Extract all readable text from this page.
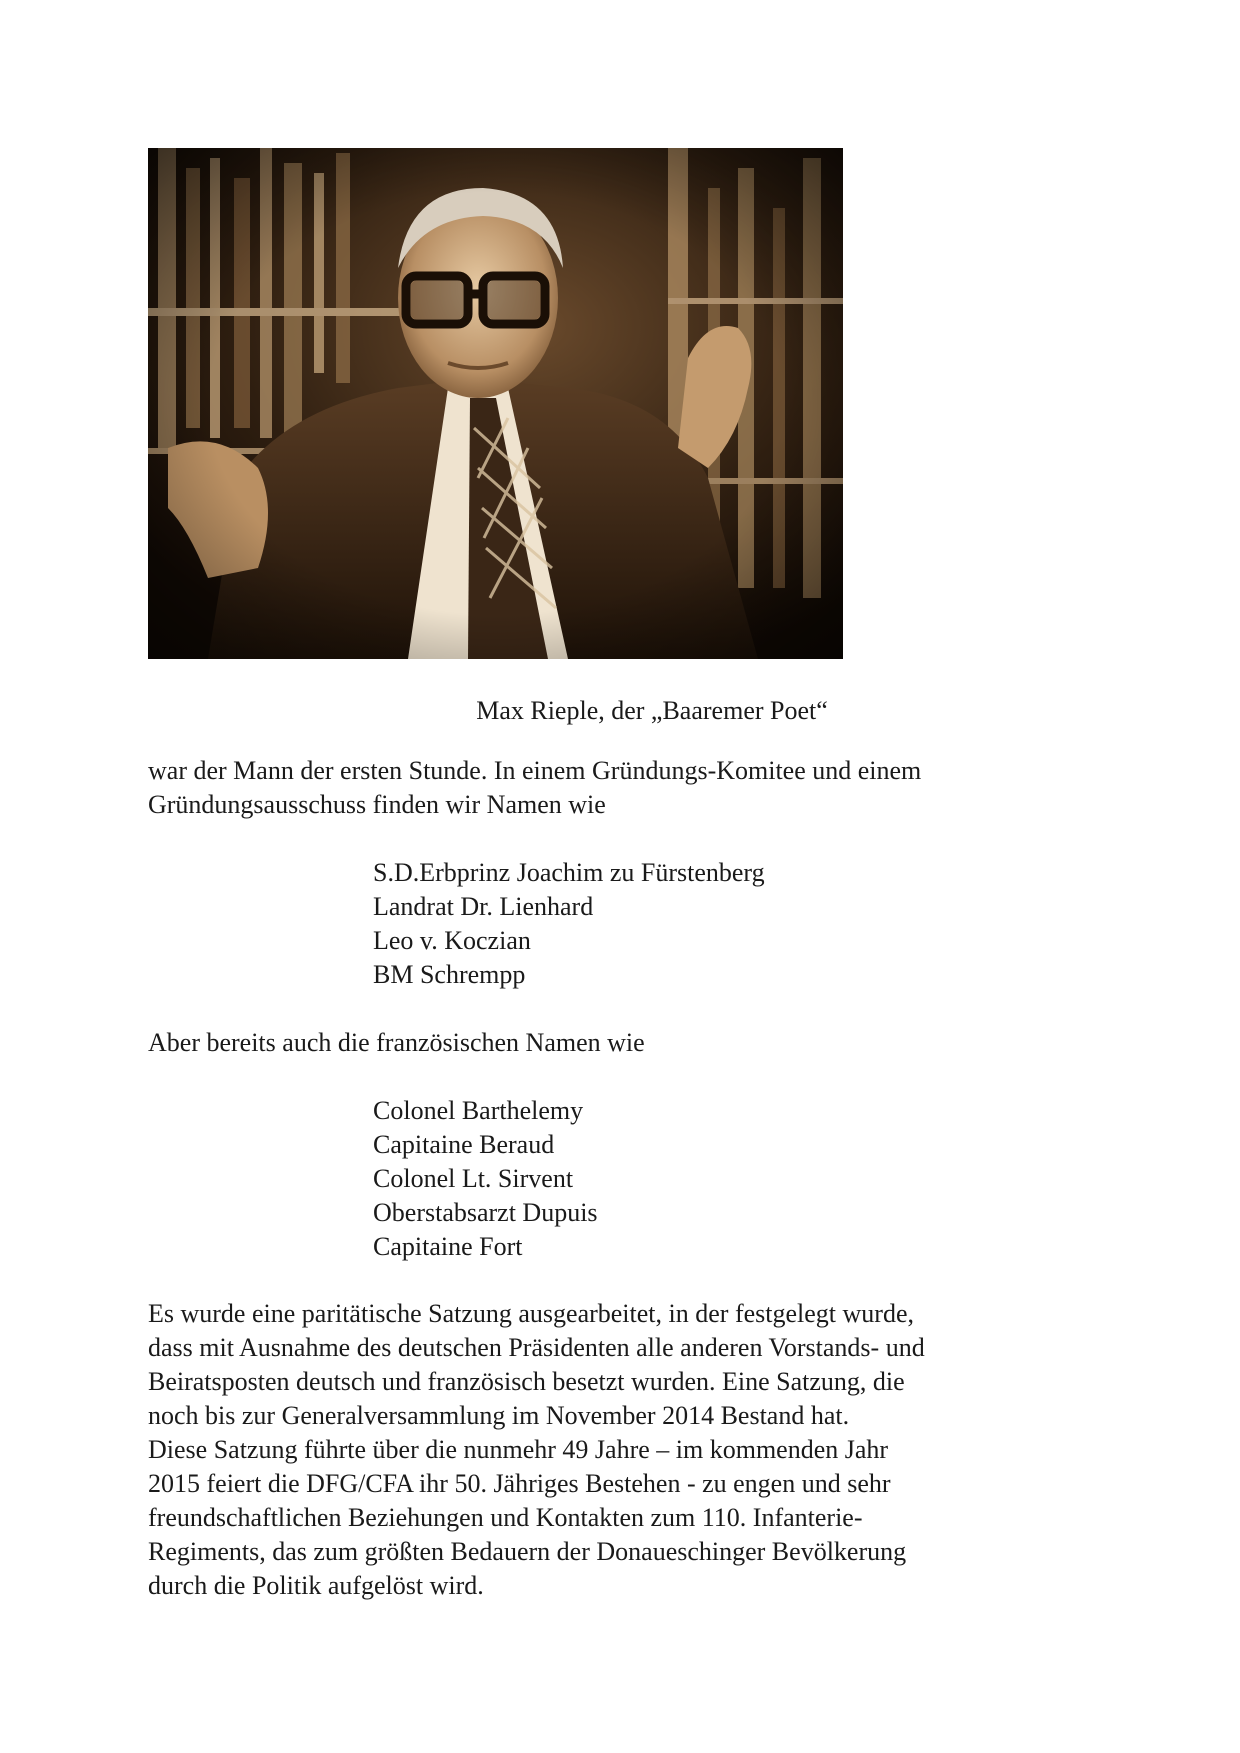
Max Rieple, der „Baaremer Poet“

war der Mann der ersten Stunde. In einem Gründungs-Komitee und einem
Gründungsausschuss finden wir Namen wie

S.D.Erbprinz Joachim zu Fürstenberg
Landrat Dr. Lienhard
Leo v. Koczian
BM Schrempp

Aber bereits auch die französischen Namen wie

Colonel Barthelemy
Capitaine Beraud
Colonel Lt. Sirvent
Oberstabsarzt Dupuis
Capitaine Fort

Es wurde eine paritätische Satzung ausgearbeitet, in der festgelegt wurde,
dass mit Ausnahme des deutschen Präsidenten alle anderen Vorstands- und
Beiratsposten deutsch und französisch besetzt wurden. Eine Satzung, die
noch bis zur Generalversammlung im November 2014 Bestand hat.
Diese Satzung führte über die nunmehr 49 Jahre – im kommenden Jahr
2015 feiert die DFG/CFA ihr 50. Jähriges Bestehen - zu engen und sehr
freundschaftlichen Beziehungen und Kontakten zum 110. Infanterie-
Regiments, das zum größten Bedauern der Donaueschinger Bevölkerung
durch die Politik aufgelöst wird.
